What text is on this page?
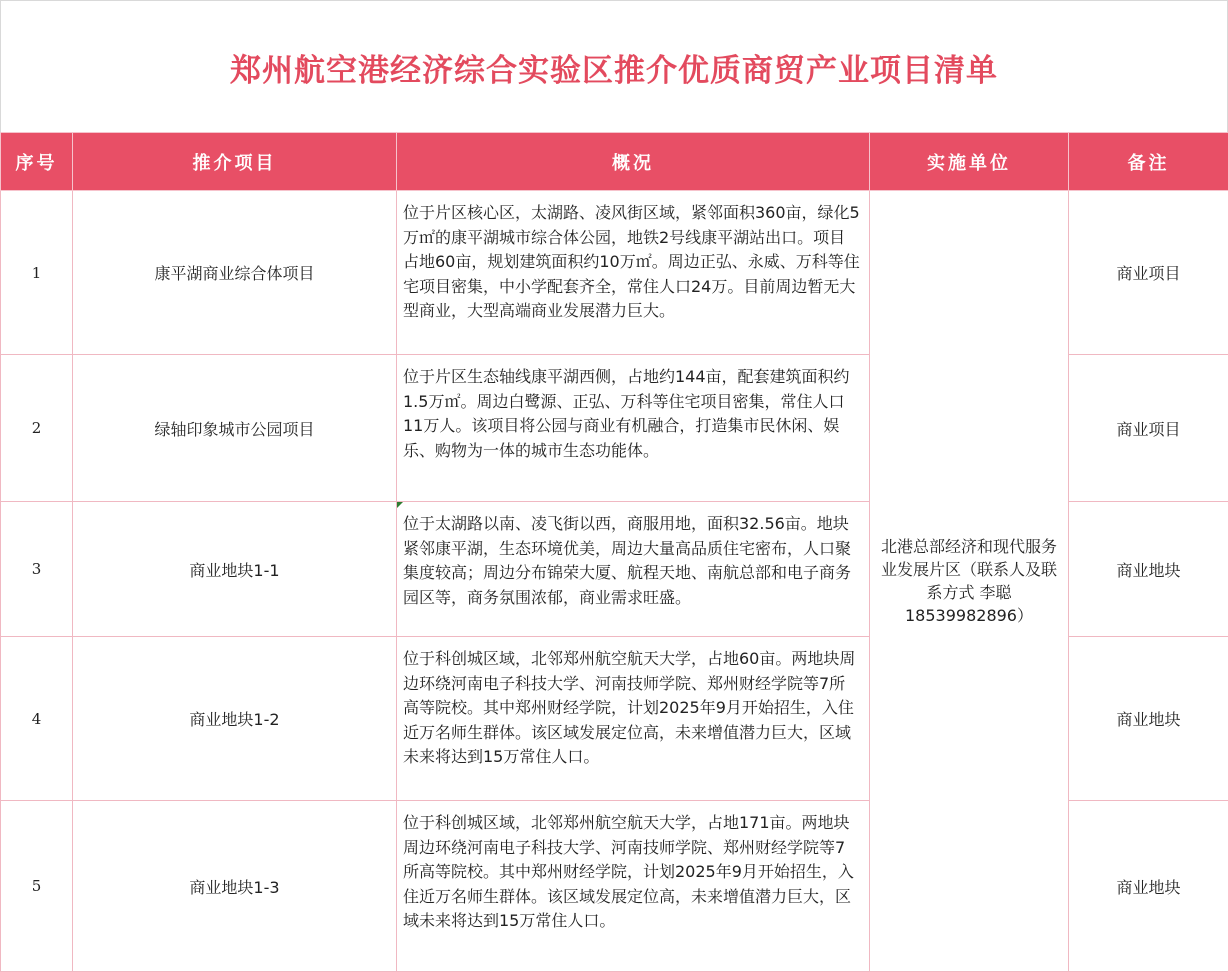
郑州航空港经济综合实验区推介优质商贸产业项目清单
序号	推介项目	概况	实施单位	备注
1	康平湖商业综合体项目	位于片区核心区，太湖路、凌风街区域，紧邻面积360亩，绿化5万㎡的康平湖城市综合体公园，地铁2号线康平湖站出口。项目占地60亩，规划建筑面积约10万㎡。周边正弘、永威、万科等住宅项目密集，中小学配套齐全，常住人口24万。目前周边暂无大型商业，大型高端商业发展潜力巨大。	北港总部经济和现代服务业发展片区（联系人及联系方式 李聪18539982896）	商业项目
2	绿轴印象城市公园项目	位于片区生态轴线康平湖西侧，占地约144亩，配套建筑面积约1.5万㎡。周边白鹭源、正弘、万科等住宅项目密集，常住人口11万人。该项目将公园与商业有机融合，打造集市民休闲、娱乐、购物为一体的城市生态功能体。		商业项目
3	商业地块1-1	位于太湖路以南、凌飞街以西，商服用地，面积32.56亩。地块紧邻康平湖，生态环境优美，周边大量高品质住宅密布，人口聚集度较高；周边分布锦荣大厦、航程天地、南航总部和电子商务园区等，商务氛围浓郁，商业需求旺盛。		商业地块
4	商业地块1-2	位于科创城区域，北邻郑州航空航天大学，占地60亩。两地块周边环绕河南电子科技大学、河南技师学院、郑州财经学院等7所高等院校。其中郑州财经学院，计划2025年9月开始招生，入住近万名师生群体。该区域发展定位高，未来增值潜力巨大，区域未来将达到15万常住人口。		商业地块
5	商业地块1-3	位于科创城区域，北邻郑州航空航天大学，占地171亩。两地块周边环绕河南电子科技大学、河南技师学院、郑州财经学院等7所高等院校。其中郑州财经学院，计划2025年9月开始招生，入住近万名师生群体。该区域发展定位高，未来增值潜力巨大，区域未来将达到15万常住人口。		商业地块
